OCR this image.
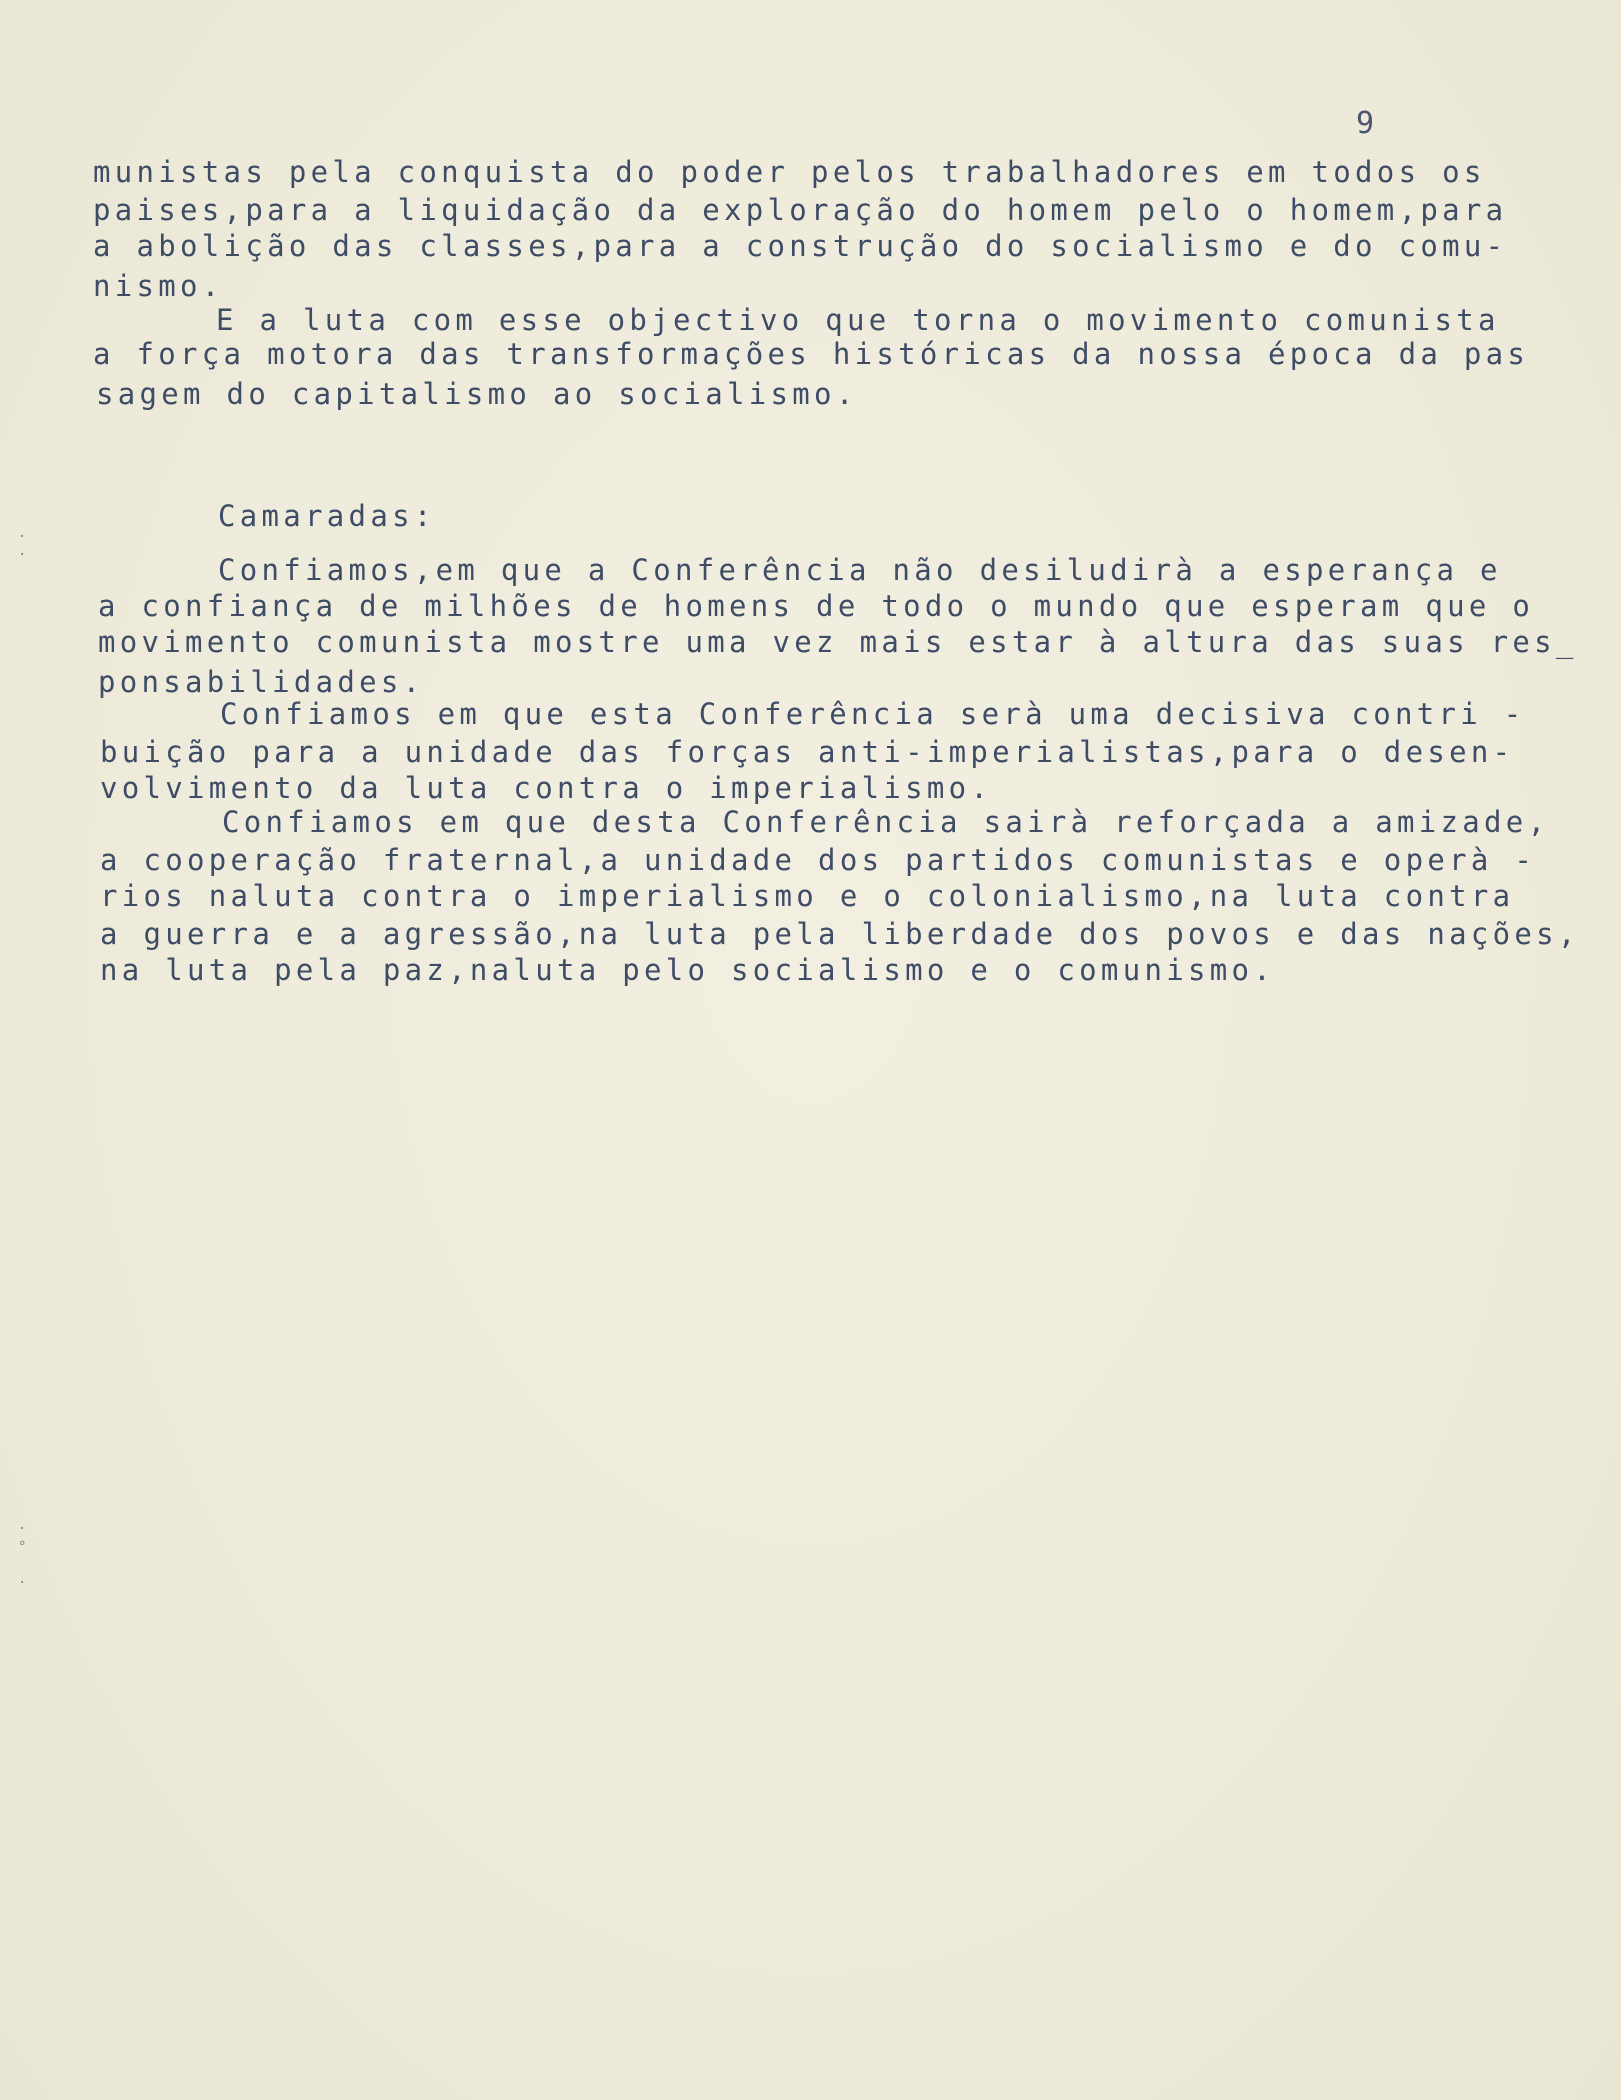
9
·
·
·
°

·
munistas pela conquista do poder pelos trabalhadores em todos os
paises,para a liquidação da exploração do homem pelo o homem,para
a abolição das classes,para a construção do socialismo e do comu-
nismo.
E a luta com esse objectivo que torna o movimento comunista
a força motora das transformações históricas da nossa época da pas
sagem do capitalismo ao socialismo.
Camaradas:
Confiamos,em que a Conferência não desiludirà a esperança e
a confiança de milhões de homens de todo o mundo que esperam que o
movimento comunista mostre uma vez mais estar à altura das suas res_
ponsabilidades.
Confiamos em que esta Conferência serà uma decisiva contri -
buição para a unidade das forças anti-imperialistas,para o desen-
volvimento da luta contra o imperialismo.
Confiamos em que desta Conferência sairà reforçada a amizade,
a cooperação fraternal,a unidade dos partidos comunistas e operà -
rios naluta contra o imperialismo e o colonialismo,na luta contra
a guerra e a agressão,na luta pela liberdade dos povos e das nações,
na luta pela paz,naluta pelo socialismo e o comunismo.
